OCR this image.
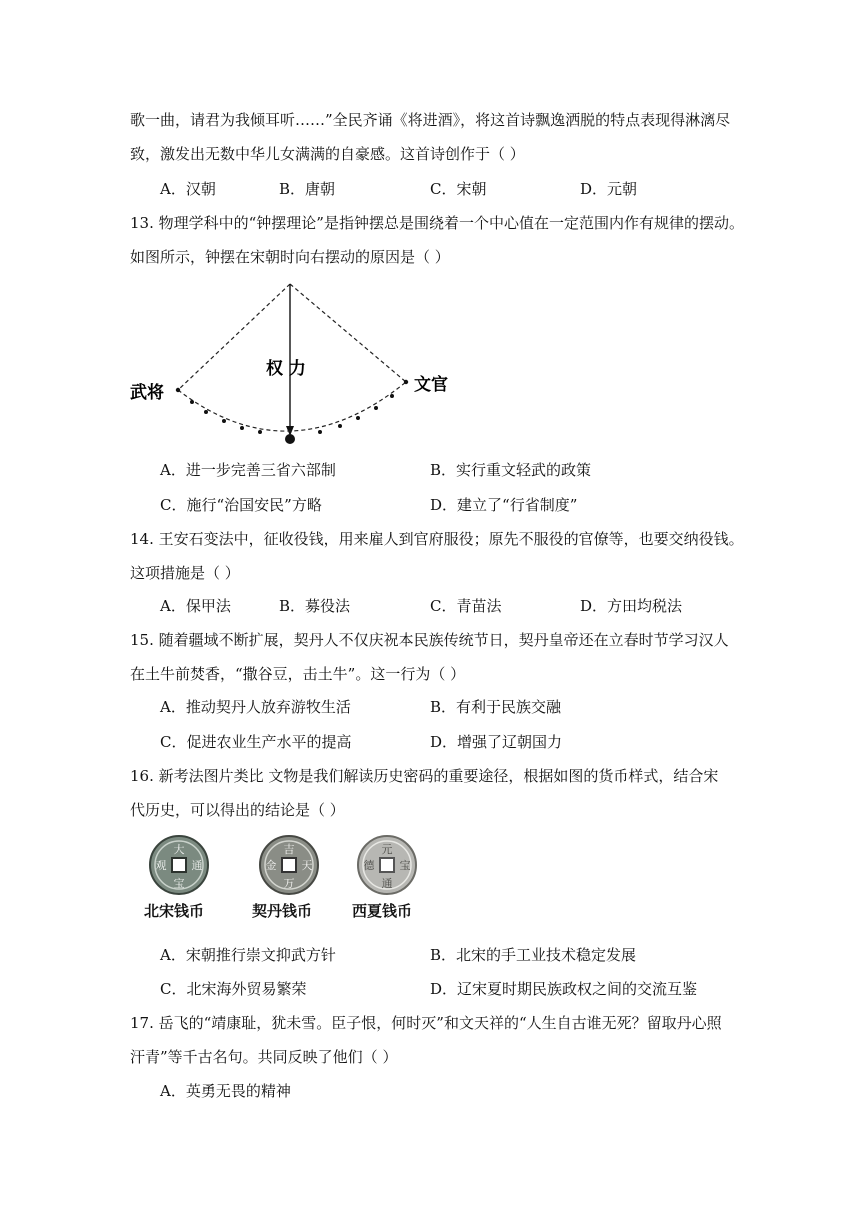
歌一曲，请君为我倾耳听……”全民齐诵《将进酒》，将这首诗飘逸洒脱的特点表现得淋漓尽
致，激发出无数中华儿女满满的自豪感。这首诗创作于（ ）
A．汉朝	B．唐朝	C．宋朝	D．元朝
13. 物理学科中的“钟摆理论”是指钟摆总是围绕着一个中心值在一定范围内作有规律的摆动。
如图所示，钟摆在宋朝时向右摆动的原因是（ ）
武将
权 力
文官
A．进一步完善三省六部制	B．实行重文轻武的政策
C．施行“治国安民”方略	D．建立了“行省制度”
14. 王安石变法中，征收役钱，用来雇人到官府服役；原先不服役的官僚等，也要交纳役钱。
这项措施是（ ）
A．保甲法	B．募役法	C．青苗法	D．方田均税法
15. 随着疆域不断扩展，契丹人不仅庆祝本民族传统节日，契丹皇帝还在立春时节学习汉人
在土牛前焚香，“撒谷豆，击土牛”。这一行为（ ）
A．推动契丹人放弃游牧生活	B．有利于民族交融
C．促进农业生产水平的提高	D．增强了辽朝国力
16. 新考法图片类比 文物是我们解读历史密码的重要途径，根据如图的货币样式，结合宋
代历史，可以得出的结论是（ ）
大
通
宝
观
吉
天
万
金
元
宝
通
德
北宋钱币	契丹钱币	西夏钱币
A．宋朝推行崇文抑武方针	B．北宋的手工业技术稳定发展
C．北宋海外贸易繁荣	D．辽宋夏时期民族政权之间的交流互鉴
17. 岳飞的“靖康耻，犹未雪。臣子恨，何时灭”和文天祥的“人生自古谁无死？留取丹心照
汗青”等千古名句。共同反映了他们（ ）
A．英勇无畏的精神
